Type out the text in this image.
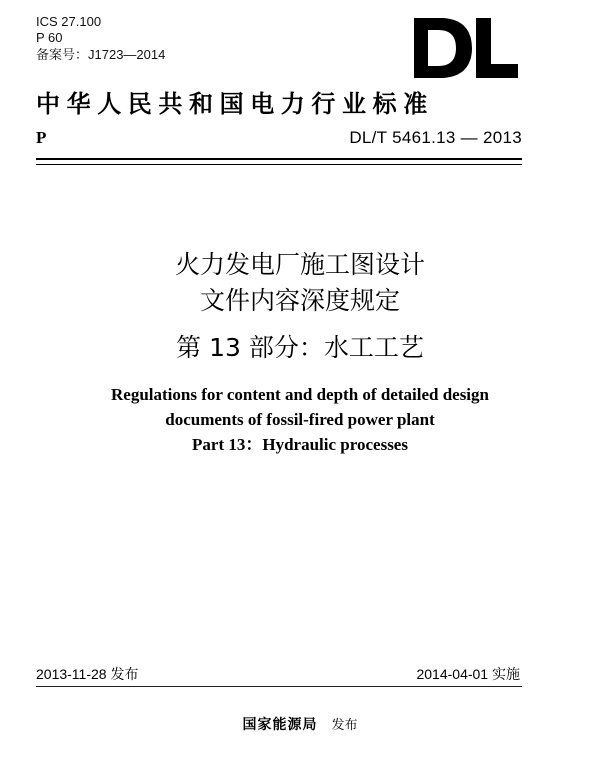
ICS 27.100
P 60
备案号：J1723—2014
中华人民共和国电力行业标准
P	DL/T 5461.13 — 2013
火力发电厂施工图设计
文件内容深度规定
第 13 部分：水工工艺
Regulations for content and depth of detailed design
documents of fossil-fired power plant
Part 13：Hydraulic processes
2013-11-28 发布	2014-04-01 实施
国家能源局 发布
